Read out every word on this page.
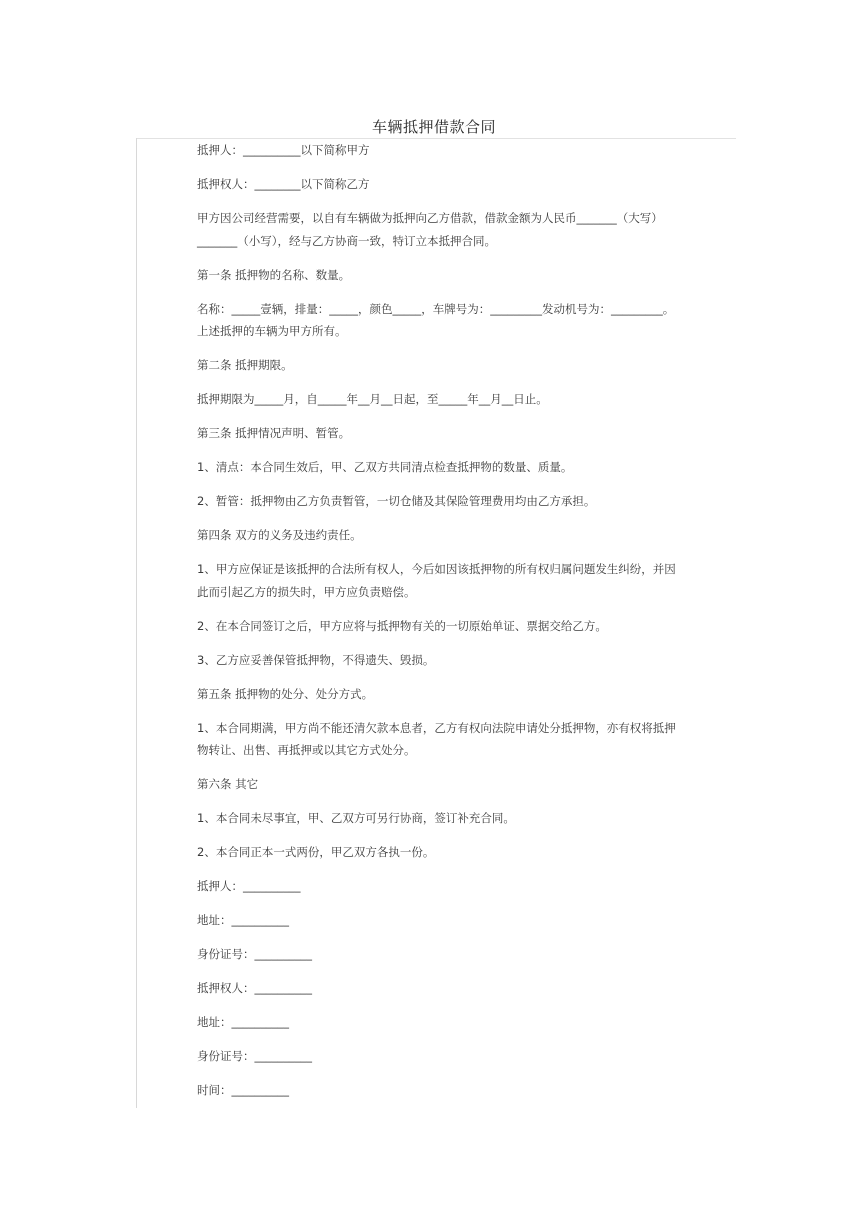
车辆抵押借款合同

抵押人：__________以下简称甲方

抵押权人：________以下简称乙方

甲方因公司经营需要，以自有车辆做为抵押向乙方借款，借款金额为人民币_______（大写）_______（小写），经与乙方协商一致，特订立本抵押合同。

第一条 抵押物的名称、数量。

名称：_____壹辆，排量：_____，颜色_____，车牌号为：_________发动机号为：_________。上述抵押的车辆为甲方所有。

第二条 抵押期限。

抵押期限为_____月，自_____年__月__日起，至_____年__月__日止。

第三条 抵押情况声明、暂管。

1、清点：本合同生效后，甲、乙双方共同清点检查抵押物的数量、质量。

2、暂管：抵押物由乙方负责暂管，一切仓储及其保险管理费用均由乙方承担。

第四条 双方的义务及违约责任。

1、甲方应保证是该抵押的合法所有权人，今后如因该抵押物的所有权归属问题发生纠纷，并因此而引起乙方的损失时，甲方应负责赔偿。

2、在本合同签订之后，甲方应将与抵押物有关的一切原始单证、票据交给乙方。

3、乙方应妥善保管抵押物，不得遗失、毁损。

第五条 抵押物的处分、处分方式。

1、本合同期满，甲方尚不能还清欠款本息者，乙方有权向法院申请处分抵押物，亦有权将抵押物转让、出售、再抵押或以其它方式处分。

第六条 其它

1、本合同未尽事宜，甲、乙双方可另行协商，签订补充合同。

2、本合同正本一式两份，甲乙双方各执一份。

抵押人：__________

地址：__________

身份证号：__________

抵押权人：__________

地址：__________

身份证号：__________

时间：__________
